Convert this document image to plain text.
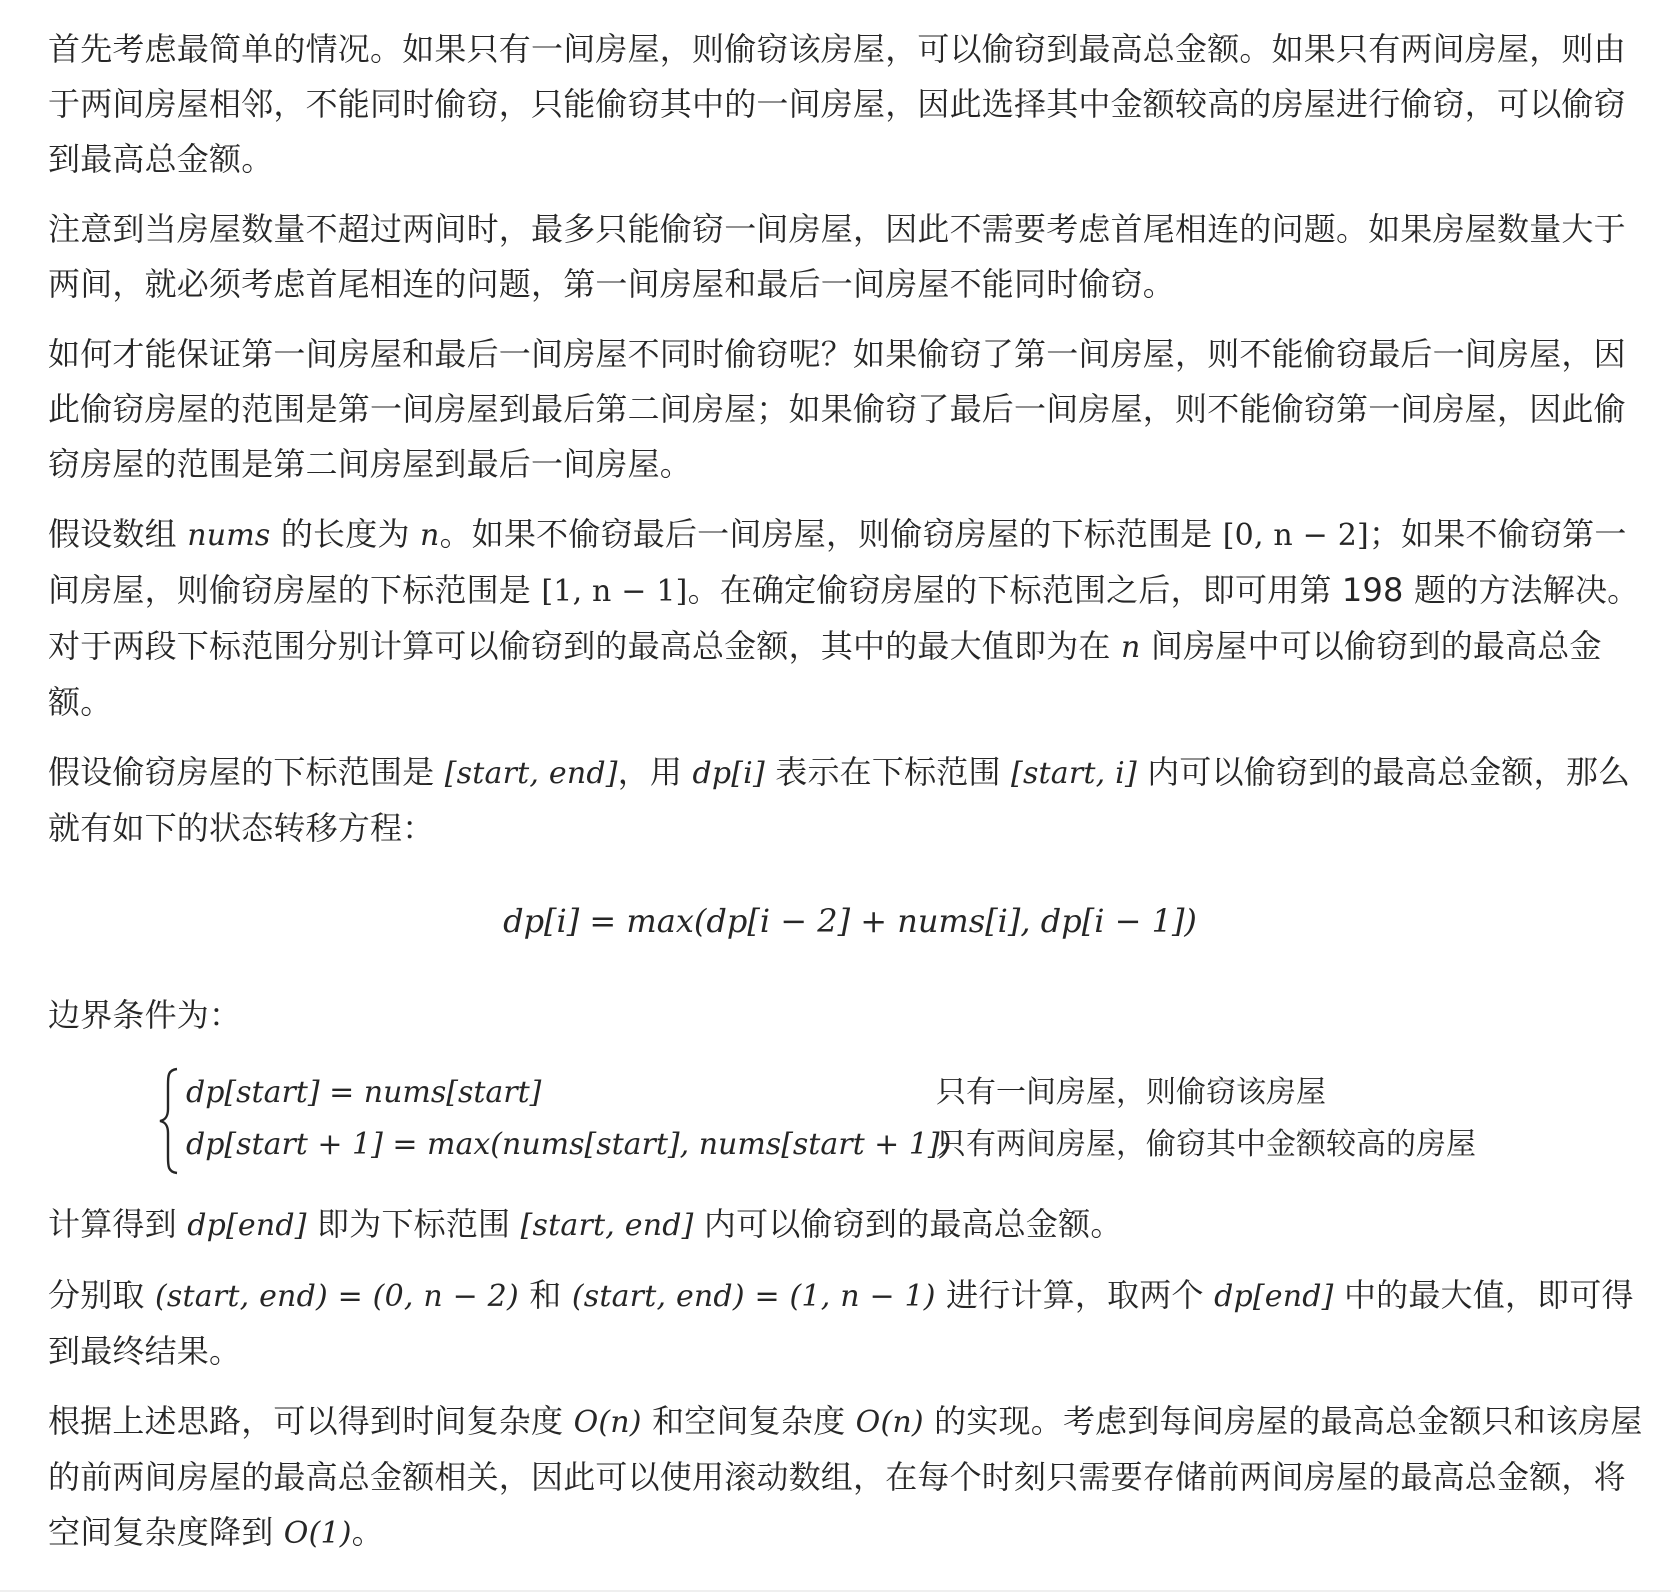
首先考虑最简单的情况。如果只有一间房屋，则偷窃该房屋，可以偷窃到最高总金额。如果只有两间房屋，则由于两间房屋相邻，不能同时偷窃，只能偷窃其中的一间房屋，因此选择其中金额较高的房屋进行偷窃，可以偷窃到最高总金额。

注意到当房屋数量不超过两间时，最多只能偷窃一间房屋，因此不需要考虑首尾相连的问题。如果房屋数量大于两间，就必须考虑首尾相连的问题，第一间房屋和最后一间房屋不能同时偷窃。

如何才能保证第一间房屋和最后一间房屋不同时偷窃呢？如果偷窃了第一间房屋，则不能偷窃最后一间房屋，因此偷窃房屋的范围是第一间房屋到最后第二间房屋；如果偷窃了最后一间房屋，则不能偷窃第一间房屋，因此偷窃房屋的范围是第二间房屋到最后一间房屋。

假设数组 nums 的长度为 n。如果不偷窃最后一间房屋，则偷窃房屋的下标范围是 [0, n − 2]；如果不偷窃第一间房屋，则偷窃房屋的下标范围是 [1, n − 1]。在确定偷窃房屋的下标范围之后，即可用第 198 题的方法解决。对于两段下标范围分别计算可以偷窃到的最高总金额，其中的最大值即为在 n 间房屋中可以偷窃到的最高总金额。

假设偷窃房屋的下标范围是 [start, end]，用 dp[i] 表示在下标范围 [start, i] 内可以偷窃到的最高总金额，那么就有如下的状态转移方程：

dp[i] = max(dp[i − 2] + nums[i], dp[i − 1])

边界条件为：

dp[start] = nums[start]	只有一间房屋，则偷窃该房屋
dp[start + 1] = max(nums[start], nums[start + 1])
只有两间房屋，偷窃其中金额较高的房屋

计算得到 dp[end] 即为下标范围 [start, end] 内可以偷窃到的最高总金额。

分别取 (start, end) = (0, n − 2) 和 (start, end) = (1, n − 1) 进行计算，取两个 dp[end] 中的最大值，即可得到最终结果。

根据上述思路，可以得到时间复杂度 O(n) 和空间复杂度 O(n) 的实现。考虑到每间房屋的最高总金额只和该房屋的前两间房屋的最高总金额相关，因此可以使用滚动数组，在每个时刻只需要存储前两间房屋的最高总金额，将空间复杂度降到 O(1)。
